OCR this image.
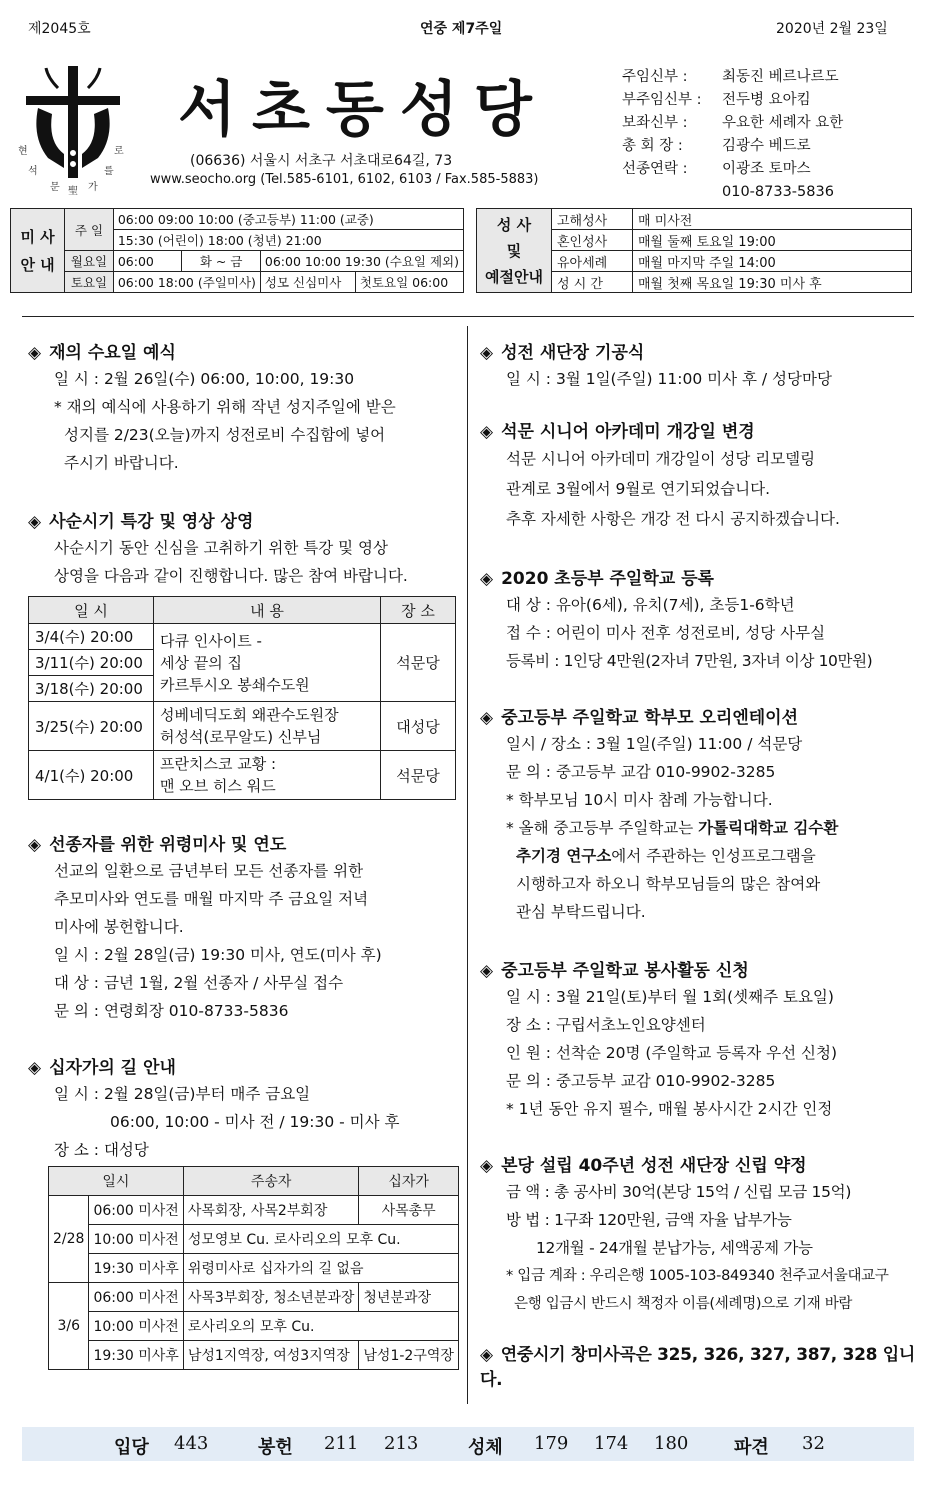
제2045호	연중 제7주일	2020년 2월 23일
현	로
석	를
문	가
聖
서초동성당
(06636) 서울시 서초구 서초대로64길, 73
www.seocho.org (Tel.585-6101, 6102, 6103 / Fax.585-5883)
주임신부 :	최동진 베르나르도
부주임신부 :	전두병 요아킴
보좌신부 :	우요한 세례자 요한
총 회 장 :	김광수 베드로
선종연락 :	이광조 토마스
010-8733-5836
미 사
안 내	주 일	06:00 09:00 10:00 (중고등부) 11:00 (교중)			
		15:30 (어린이) 18:00 (청년) 21:00			
	월요일	06:00	화 ~ 금	06:00 10:00 19:30 (수요일 제외)	
	토요일	06:00 18:00 (주일미사)		성모 신심미사	첫토요일 06:00
성 사
및
예절안내	고해성사	매 미사전
	혼인성사	매월 둘째 토요일 19:00
	유아세례	매월 마지막 주일 14:00
	성 시 간	매월 첫째 목요일 19:30 미사 후
◈ 재의 수요일 예식
일 시 : 2월 26일(수) 06:00, 10:00, 19:30
* 재의 예식에 사용하기 위해 작년 성지주일에 받은
성지를 2/23(오늘)까지 성전로비 수집함에 넣어
주시기 바랍니다.
◈ 사순시기 특강 및 영상 상영
사순시기 동안 신심을 고취하기 위한 특강 및 영상
상영을 다음과 같이 진행합니다. 많은 참여 바랍니다.
일 시	내 용	장 소
3/4(수) 20:00	다큐 인사이트 -
세상 끝의 집
카르투시오 봉쇄수도원	석문당
3/11(수) 20:00		
3/18(수) 20:00		
3/25(수) 20:00	성베네딕도회 왜관수도원장
허성석(로무알도) 신부님	대성당
4/1(수) 20:00	프란치스코 교황 :
맨 오브 히스 워드	석문당
◈ 선종자를 위한 위령미사 및 연도
선교의 일환으로 금년부터 모든 선종자를 위한
추모미사와 연도를 매월 마지막 주 금요일 저녁
미사에 봉헌합니다.
일 시 : 2월 28일(금) 19:30 미사, 연도(미사 후)
대 상 : 금년 1월, 2월 선종자 / 사무실 접수
문 의 : 연령회장 010-8733-5836
◈ 십자가의 길 안내
일 시 : 2월 28일(금)부터 매주 금요일
06:00, 10:00 - 미사 전 / 19:30 - 미사 후
장 소 : 대성당
일시		주송자	십자가
2/28	06:00 미사전	사목회장, 사목2부회장	사목총무
	10:00 미사전	성모영보 Cu. 로사리오의 모후 Cu.	
	19:30 미사후	위령미사로 십자가의 길 없음	
3/6	06:00 미사전	사목3부회장, 청소년분과장	청년분과장
	10:00 미사전	로사리오의 모후 Cu.	
	19:30 미사후	남성1지역장, 여성3지역장	남성1-2구역장
◈ 성전 새단장 기공식
일 시 : 3월 1일(주일) 11:00 미사 후 / 성당마당
◈ 석문 시니어 아카데미 개강일 변경
석문 시니어 아카데미 개강일이 성당 리모델링
관계로 3월에서 9월로 연기되었습니다.
추후 자세한 사항은 개강 전 다시 공지하겠습니다.
◈ 2020 초등부 주일학교 등록
대 상 : 유아(6세), 유치(7세), 초등1-6학년
접 수 : 어린이 미사 전후 성전로비, 성당 사무실
등록비 : 1인당 4만원(2자녀 7만원, 3자녀 이상 10만원)
◈ 중고등부 주일학교 학부모 오리엔테이션
일시 / 장소 : 3월 1일(주일) 11:00 / 석문당
문 의 : 중고등부 교감 010-9902-3285
* 학부모님 10시 미사 참례 가능합니다.
* 올해 중고등부 주일학교는 가톨릭대학교 김수환
추기경 연구소에서 주관하는 인성프로그램을
시행하고자 하오니 학부모님들의 많은 참여와
관심 부탁드립니다.
◈ 중고등부 주일학교 봉사활동 신청
일 시 : 3월 21일(토)부터 월 1회(셋째주 토요일)
장 소 : 구립서초노인요양센터
인 원 : 선착순 20명 (주일학교 등록자 우선 신청)
문 의 : 중고등부 교감 010-9902-3285
* 1년 동안 유지 필수, 매월 봉사시간 2시간 인정
◈ 본당 설립 40주년 성전 새단장 신립 약정
금 액 : 총 공사비 30억(본당 15억 / 신립 모금 15억)
방 법 : 1구좌 120만원, 금액 자율 납부가능
12개월 - 24개월 분납가능, 세액공제 가능
* 입금 계좌 : 우리은행 1005-103-849340 천주교서울대교구
은행 입금시 반드시 책정자 이름(세례명)으로 기재 바람
◈ 연중시기 창미사곡은 325, 326, 327, 387, 328 입니다.
입당 443	봉헌 211 213	성체 179 174 180	파견 32
